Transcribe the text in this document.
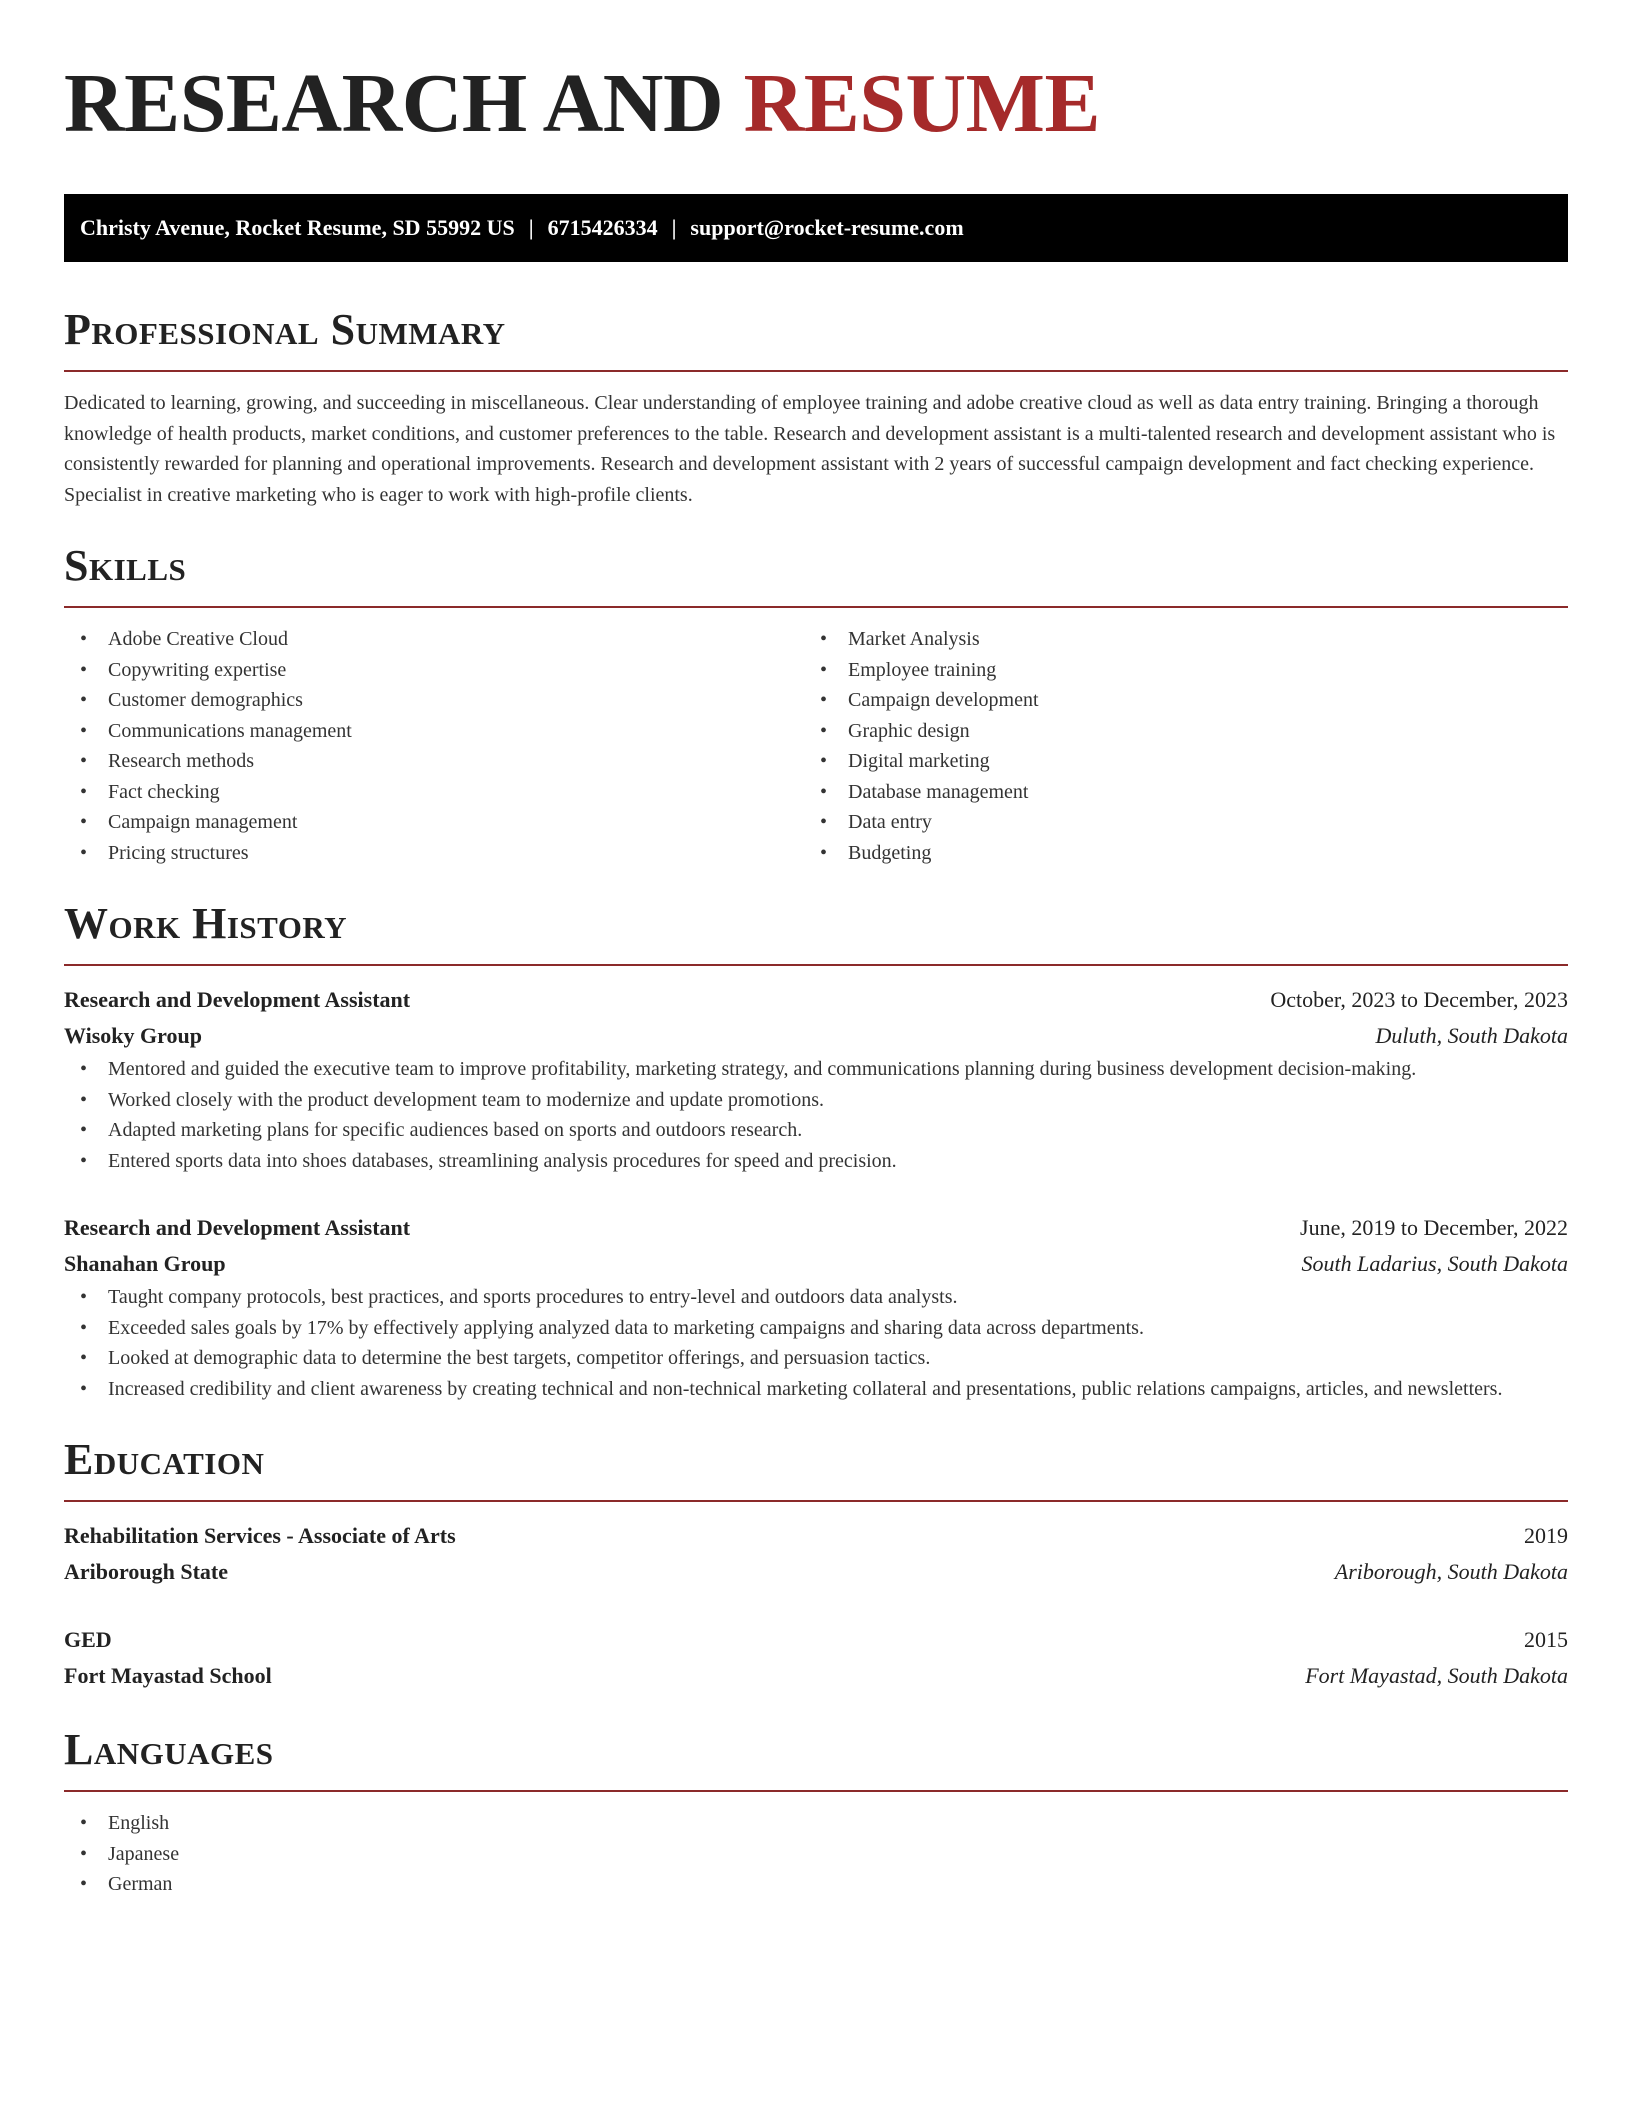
RESEARCH AND RESUME
Christy Avenue, Rocket Resume, SD 55992 US | 6715426334 | support@rocket-resume.com
Professional Summary

Dedicated to learning, growing, and succeeding in miscellaneous. Clear understanding of employee training and adobe creative cloud as well as data entry training. Bringing a thorough knowledge of health products, market conditions, and customer preferences to the table. Research and development assistant is a multi-talented research and development assistant who is consistently rewarded for planning and operational improvements. Research and development assistant with 2 years of successful campaign development and fact checking experience. Specialist in creative marketing who is eager to work with high-profile clients.

Skills
• Adobe Creative Cloud
• Copywriting expertise
• Customer demographics
• Communications management
• Research methods
• Fact checking
• Campaign management
• Pricing structures
• Market Analysis
• Employee training
• Campaign development
• Graphic design
• Digital marketing
• Database management
• Data entry
• Budgeting
Work History
Research and Development Assistant	October, 2023 to December, 2023
Wisoky Group	Duluth, South Dakota
• Mentored and guided the executive team to improve profitability, marketing strategy, and communications planning during business development decision-making.
• Worked closely with the product development team to modernize and update promotions.
• Adapted marketing plans for specific audiences based on sports and outdoors research.
• Entered sports data into shoes databases, streamlining analysis procedures for speed and precision.
Research and Development Assistant	June, 2019 to December, 2022
Shanahan Group	South Ladarius, South Dakota
• Taught company protocols, best practices, and sports procedures to entry-level and outdoors data analysts.
• Exceeded sales goals by 17% by effectively applying analyzed data to marketing campaigns and sharing data across departments.
• Looked at demographic data to determine the best targets, competitor offerings, and persuasion tactics.
• Increased credibility and client awareness by creating technical and non-technical marketing collateral and presentations, public relations campaigns, articles, and newsletters.
Education
Rehabilitation Services - Associate of Arts	2019
Ariborough State	Ariborough, South Dakota
GED	2015
Fort Mayastad School	Fort Mayastad, South Dakota
Languages
• English
• Japanese
• German
